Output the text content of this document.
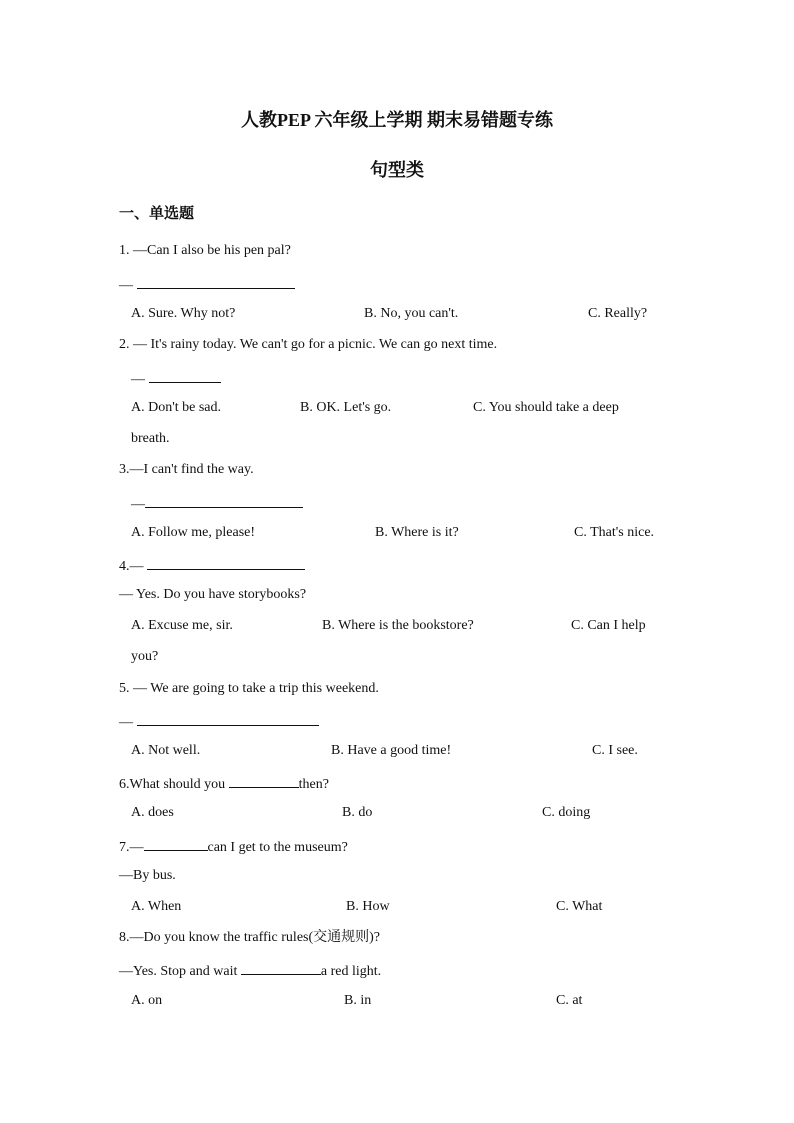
人教PEP 六年级上学期 期末易错题专练
句型类
一、单选题
1. —Can I also be his pen pal?
—
A. Sure. Why not?	B. No, you can't.	C. Really?
2. — It's rainy today. We can't go for a picnic. We can go next time.
—
A. Don't be sad.	B. OK. Let's go.	C. You should take a deep
breath.
3.—I can't find the way.
—
A. Follow me, please!	B. Where is it?	C. That's nice.
4.—
— Yes. Do you have storybooks?
A. Excuse me, sir.	B. Where is the bookstore?	C. Can I help
you?
5. — We are going to take a trip this weekend.
—
A. Not well.	B. Have a good time!	C. I see.
6.What should you	then?
A. does	B. do	C. doing
7.—	can I get to the museum?
—By bus.
A. When	B. How	C. What
8.—Do you know the traffic rules(交通规则)?
—Yes. Stop and wait	a red light.
A. on	B. in	C. at
